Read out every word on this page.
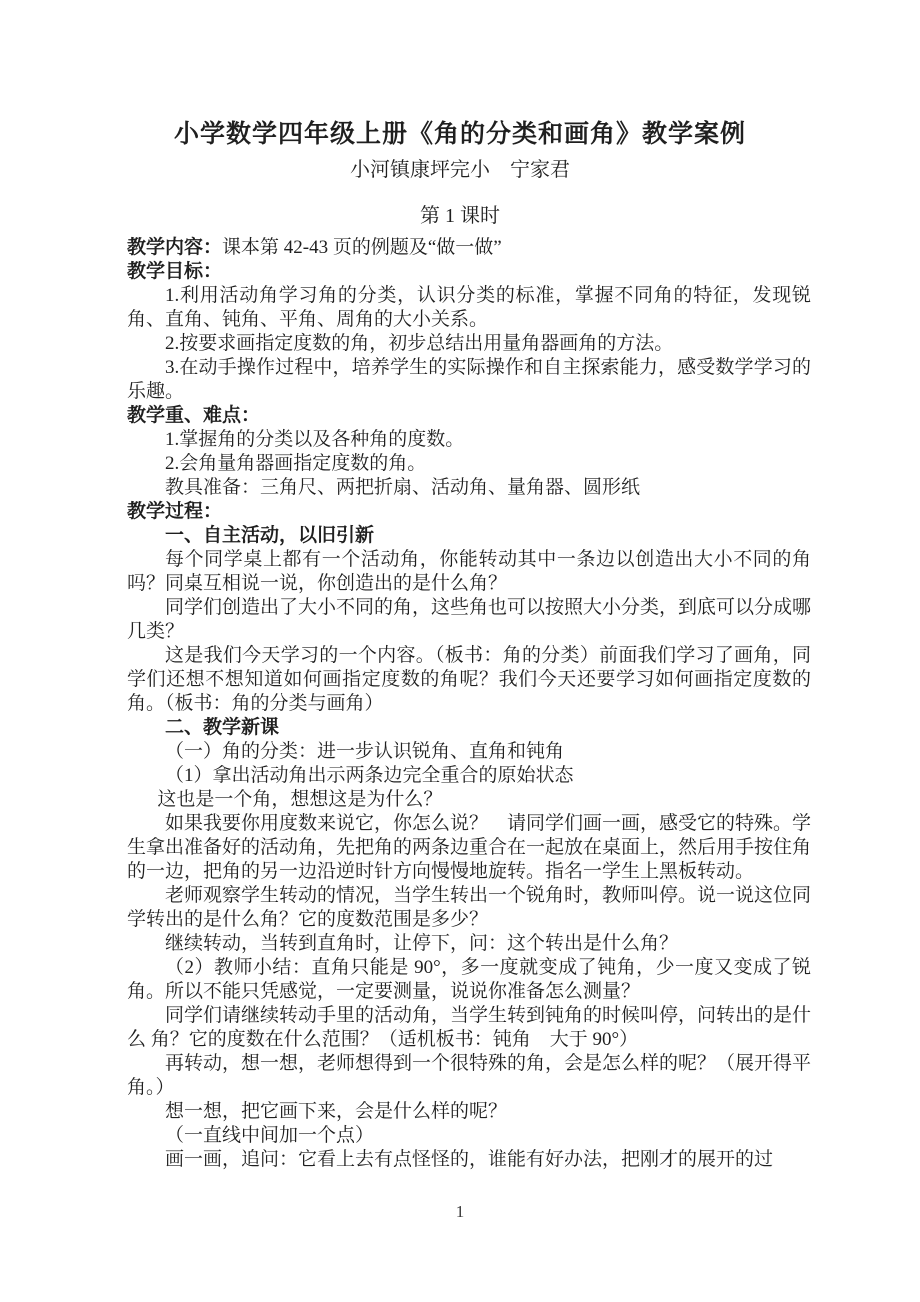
小学数学四年级上册《角的分类和画角》教学案例
小河镇康坪完小　宁家君
第 1 课时

教学内容：课本第 42-43 页的例题及“做一做”

教学目标：

1.利用活动角学习角的分类，认识分类的标准，掌握不同角的特征，发现锐角、直角、钝角、平角、周角的大小关系。

2.按要求画指定度数的角，初步总结出用量角器画角的方法。

3.在动手操作过程中，培养学生的实际操作和自主探索能力，感受数学学习的乐趣。

教学重、难点：

1.掌握角的分类以及各种角的度数。

2.会角量角器画指定度数的角。

教具准备：三角尺、两把折扇、活动角、量角器、圆形纸

教学过程：

一、自主活动，以旧引新

每个同学桌上都有一个活动角，你能转动其中一条边以创造出大小不同的角吗？同桌互相说一说，你创造出的是什么角？

同学们创造出了大小不同的角，这些角也可以按照大小分类，到底可以分成哪几类？

这是我们今天学习的一个内容。（板书：角的分类）前面我们学习了画角，同学们还想不想知道如何画指定度数的角呢？我们今天还要学习如何画指定度数的角。（板书：角的分类与画角）

二、教学新课

（一）角的分类：进一步认识锐角、直角和钝角

（1）拿出活动角出示两条边完全重合的原始状态

这也是一个角，想想这是为什么？

如果我要你用度数来说它，你怎么说？　请同学们画一画，感受它的特殊。学生拿出准备好的活动角，先把角的两条边重合在一起放在桌面上，然后用手按住角的一边，把角的另一边沿逆时针方向慢慢地旋转。指名一学生上黑板转动。

老师观察学生转动的情况，当学生转出一个锐角时，教师叫停。说一说这位同学转出的是什么角？它的度数范围是多少？

继续转动，当转到直角时，让停下，问：这个转出是什么角？

（2）教师小结：直角只能是 90°，多一度就变成了钝角，少一度又变成了锐角。所以不能只凭感觉，一定要测量，说说你准备怎么测量？

同学们请继续转动手里的活动角，当学生转到钝角的时候叫停，问转出的是什么 角？它的度数在什么范围？（适机板书：钝角　大于 90°）

再转动，想一想，老师想得到一个很特殊的角，会是怎么样的呢？（展开得平角。）

想一想，把它画下来，会是什么样的呢？

（一直线中间加一个点）

画一画，追问：它看上去有点怪怪的，谁能有好办法，把刚才的展开的过

1
